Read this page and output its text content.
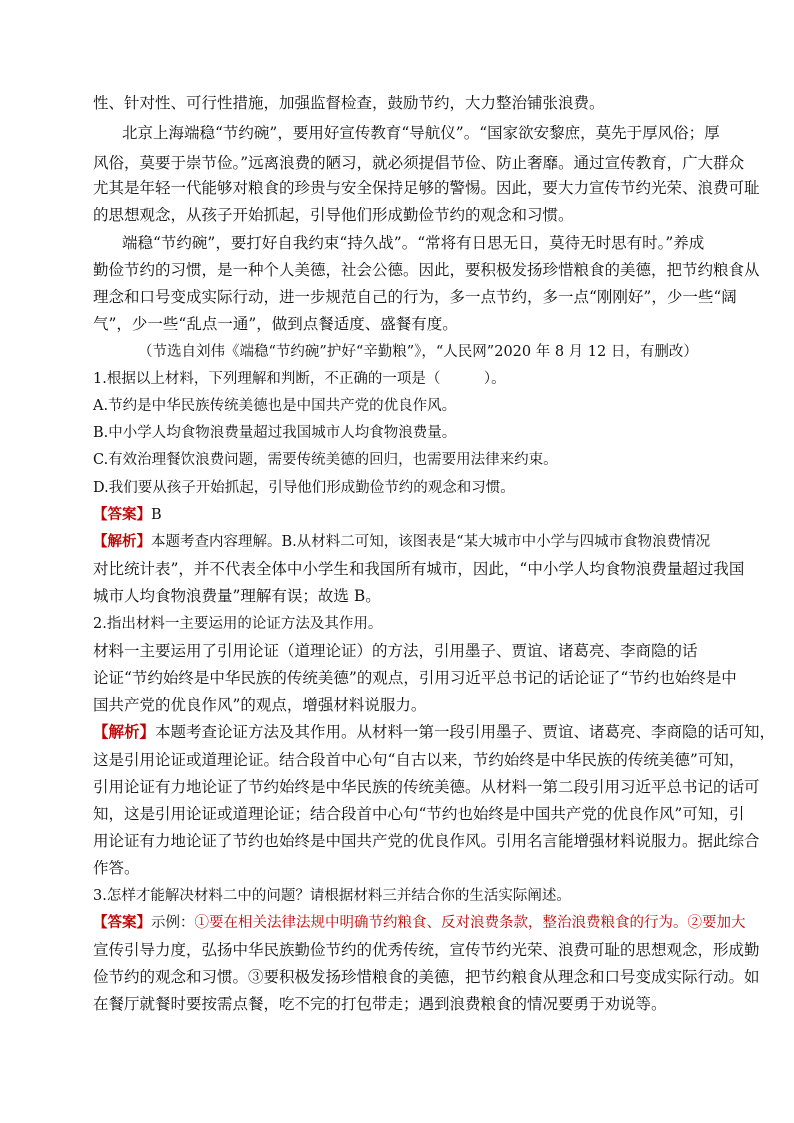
性、针对性、可行性措施，加强监督检查，鼓励节约，大力整治铺张浪费。
北京上海端稳“节约碗”，要用好宣传教育“导航仪”。“国家欲安黎庶，莫先于厚风俗；厚
风俗，莫要于崇节俭。”远离浪费的陋习，就必须提倡节俭、防止奢靡。通过宣传教育，广大群众
尤其是年轻一代能够对粮食的珍贵与安全保持足够的警惕。因此，要大力宣传节约光荣、浪费可耻
的思想观念，从孩子开始抓起，引导他们形成勤俭节约的观念和习惯。
端稳“节约碗”，要打好自我约束“持久战”。“常将有日思无日，莫待无时思有时。”养成
勤俭节约的习惯，是一种个人美德，社会公德。因此，要积极发扬珍惜粮食的美德，把节约粮食从
理念和口号变成实际行动，进一步规范自己的行为，多一点节约，多一点“刚刚好”，少一些“阔
气”，少一些“乱点一通”，做到点餐适度、盛餐有度。
（节选自刘伟《端稳“节约碗”护好“辛勤粮”》，“人民网”2020 年 8 月 12 日，有删改）
1.根据以上材料，下列理解和判断，不正确的一项是（　　　）。
A.节约是中华民族传统美德也是中国共产党的优良作风。
B.中小学人均食物浪费量超过我国城市人均食物浪费量。
C.有效治理餐饮浪费问题，需要传统美德的回归，也需要用法律来约束。
D.我们要从孩子开始抓起，引导他们形成勤俭节约的观念和习惯。
【答案】B
【解析】本题考查内容理解。B.从材料二可知，该图表是“某大城市中小学与四城市食物浪费情况
对比统计表”，并不代表全体中小学生和我国所有城市，因此，“中小学人均食物浪费量超过我国
城市人均食物浪费量”理解有误；故选 B。
2.指出材料一主要运用的论证方法及其作用。
材料一主要运用了引用论证（道理论证）的方法，引用墨子、贾谊、诸葛亮、李商隐的话
论证“节约始终是中华民族的传统美德”的观点，引用习近平总书记的话论证了“节约也始终是中
国共产党的优良作风”的观点，增强材料说服力。
【解析】本题考查论证方法及其作用。从材料一第一段引用墨子、贾谊、诸葛亮、李商隐的话可知，
这是引用论证或道理论证。结合段首中心句“自古以来，节约始终是中华民族的传统美德”可知，
引用论证有力地论证了节约始终是中华民族的传统美德。从材料一第二段引用习近平总书记的话可
知，这是引用论证或道理论证；结合段首中心句“节约也始终是中国共产党的优良作风”可知，引
用论证有力地论证了节约也始终是中国共产党的优良作风。引用名言能增强材料说服力。据此综合
作答。
3.怎样才能解决材料二中的问题？请根据材料三并结合你的生活实际阐述。
【答案】示例：①要在相关法律法规中明确节约粮食、反对浪费条款，整治浪费粮食的行为。②要加大
宣传引导力度，弘扬中华民族勤俭节约的优秀传统，宣传节约光荣、浪费可耻的思想观念，形成勤
俭节约的观念和习惯。③要积极发扬珍惜粮食的美德，把节约粮食从理念和口号变成实际行动。如
在餐厅就餐时要按需点餐，吃不完的打包带走；遇到浪费粮食的情况要勇于劝说等。
